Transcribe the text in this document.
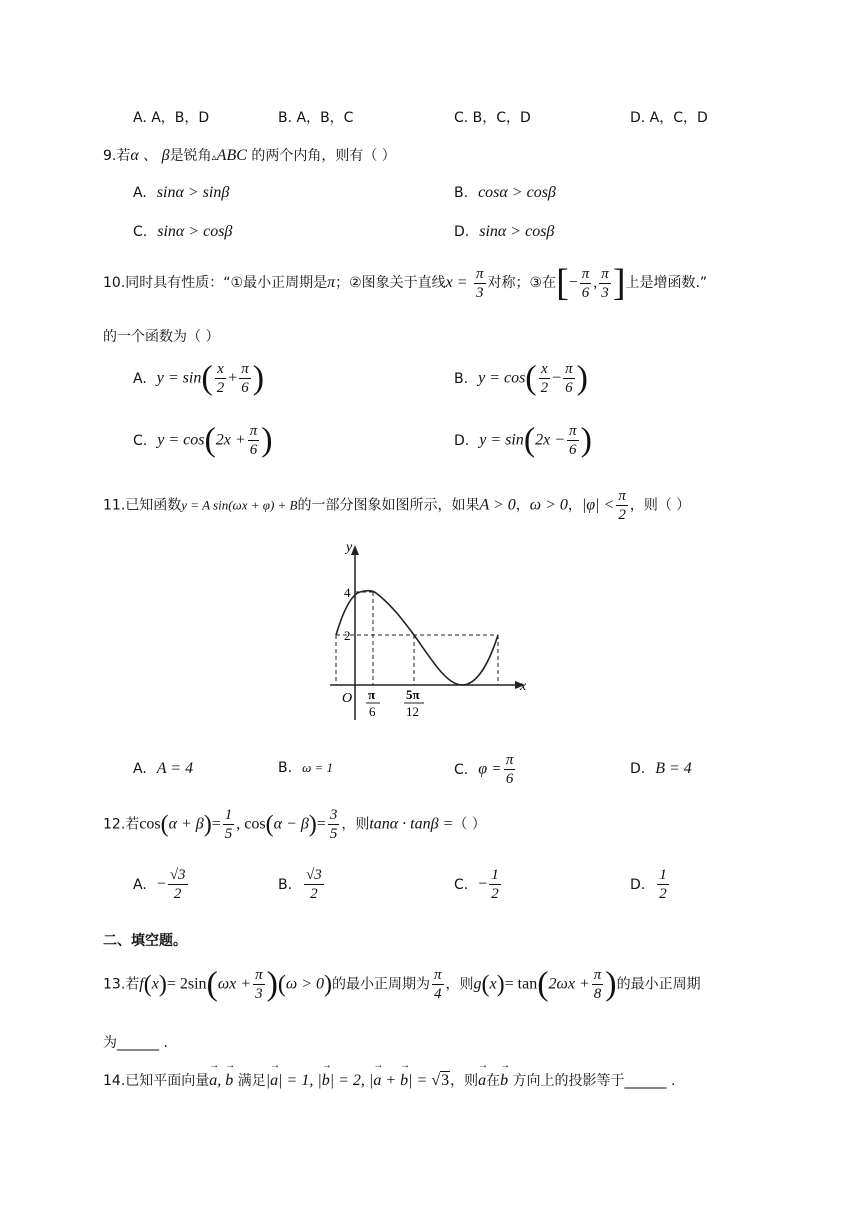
A. A，B，D	B. A，B，C	C. B，C，D	D. A，C，D
9.若α 、 β是锐角▵ABC 的两个内角，则有（ ）
A. sinα > sinβ	B. cosα > cosβ
C. sinα > cosβ	D. sinα > cosβ
10.同时具有性质：“①最小正周期是π；②图象关于直线$x = \frac{\pi}{3}$ 对称；③在[− $\frac{\pi}{6}$ , $\frac{\pi}{3}$ ]上是增函数.”
的一个函数为（ ）
A. $y = \sin( \frac{x}{2} + \frac{\pi}{6}$ )	B. $y = \cos( \frac{x}{2} - \frac{\pi}{6}$ )
C. $y = \cos(2x + \frac{\pi}{6}$ )	D. $y = \sin(2x - \frac{\pi}{6}$ )
11.已知函数y = A sin(ωx + φ) + B的一部分图象如图所示，如果A > 0，ω > 0，$|\varphi| < \frac{\pi}{2}$ ，则（ ）
y
x
O
4
2
π
6
5π
12
A. A = 4	B. ω = 1	C. $\varphi = \frac{\pi}{6}$	D. B = 4
12.若$\cos(\alpha + \beta)= \frac{1}{5}$ , $\cos(\alpha - \beta)= \frac{3}{5}$ ，则tanα · tanβ =（ ）
A. − $\frac{√3}{2}$	B. $\frac{√3}{2}$	C. − $\frac{1}{2}$	D. $\frac{1}{2}$
二、填空题。
13.若$f(x)= 2\sin(\omega x + \frac{\pi}{3} )(\omega > 0)$的最小正周期为 $\frac{\pi}{4}$ ，则$g(x)= \tan(2\omega x + \frac{\pi}{8}$ )的最小正周期
为______ .
14.已知平面向量→ a, → b 满足|→ a| = 1, |→ b| = 2, |→ a + → b| = √3，则→ a在→ b 方向上的投影等于______ .
